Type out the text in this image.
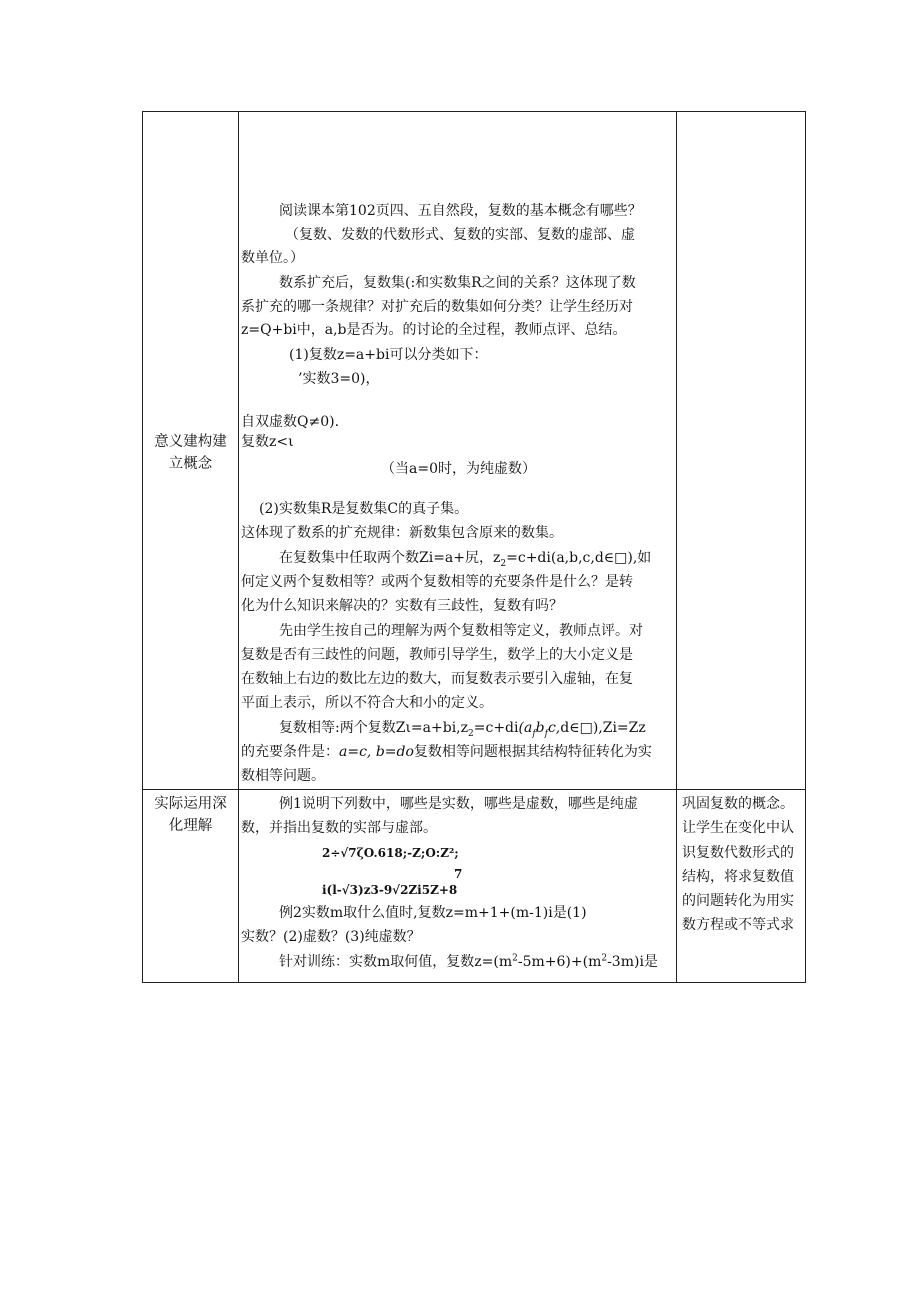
意义建构建
立概念
阅读课本第102页四、五自然段，复数的基本概念有哪些？
（复数、发数的代数形式、复数的实部、复数的虚部、虚
数单位。）
数系扩充后，复数集(:和实数集R之间的关系？这体现了数
系扩充的哪一条规律？对扩充后的数集如何分类？让学生经历对
z=Q+bi中，a,b是否为。的讨论的全过程，教师点评、总结。
(1)复数z=a+bi可以分类如下：
’实数3=0)，
自双虚数Q≠0).
复数z<ι
（当a=0时，为纯虚数）
(2)实数集R是复数集C的真子集。
这体现了数系的扩充规律：新数集包含原来的数集。
在复数集中任取两个数Zi=a+尻，$z_2=c+di(a,b,c,d\in□)$,如
何定义两个复数相等？或两个复数相等的充要条件是什么？是转
化为什么知识来解决的？实数有三歧性，复数有吗？
先由学生按自己的理解为两个复数相等定义，教师点评。对
复数是否有三歧性的问题，教师引导学生，数学上的大小定义是
在数轴上右边的数比左边的数大，而复数表示要引入虚轴，在复
平面上表示，所以不符合大和小的定义。
复数相等:两个复数$Z\iota=a+bi,z_2=c+di(a_fb_fc,d\in□),Zi=Zz$
的充要条件是：a=c, b=do复数相等问题根据其结构特征转化为实
数相等问题。
实际运用深
化理解
例1说明下列数中，哪些是实数，哪些是虚数，哪些是纯虚
数，并指出复数的实部与虚部。
2÷√7ζO.618;-Z;O:Z²;
7
i(l-√3)z3-9√2Zi5Z+8
例2实数m取什么值时,复数z=m+1+(m-1)i是(1)
实数？(2)虚数？(3)纯虚数？
针对训练：实数m取何值，复数$z=(m^2-5m+6)+(m^2-3m)i$是
巩固复数的概念。
让学生在变化中认
识复数代数形式的
结构，将求复数值
的问题转化为用实
数方程或不等式求
